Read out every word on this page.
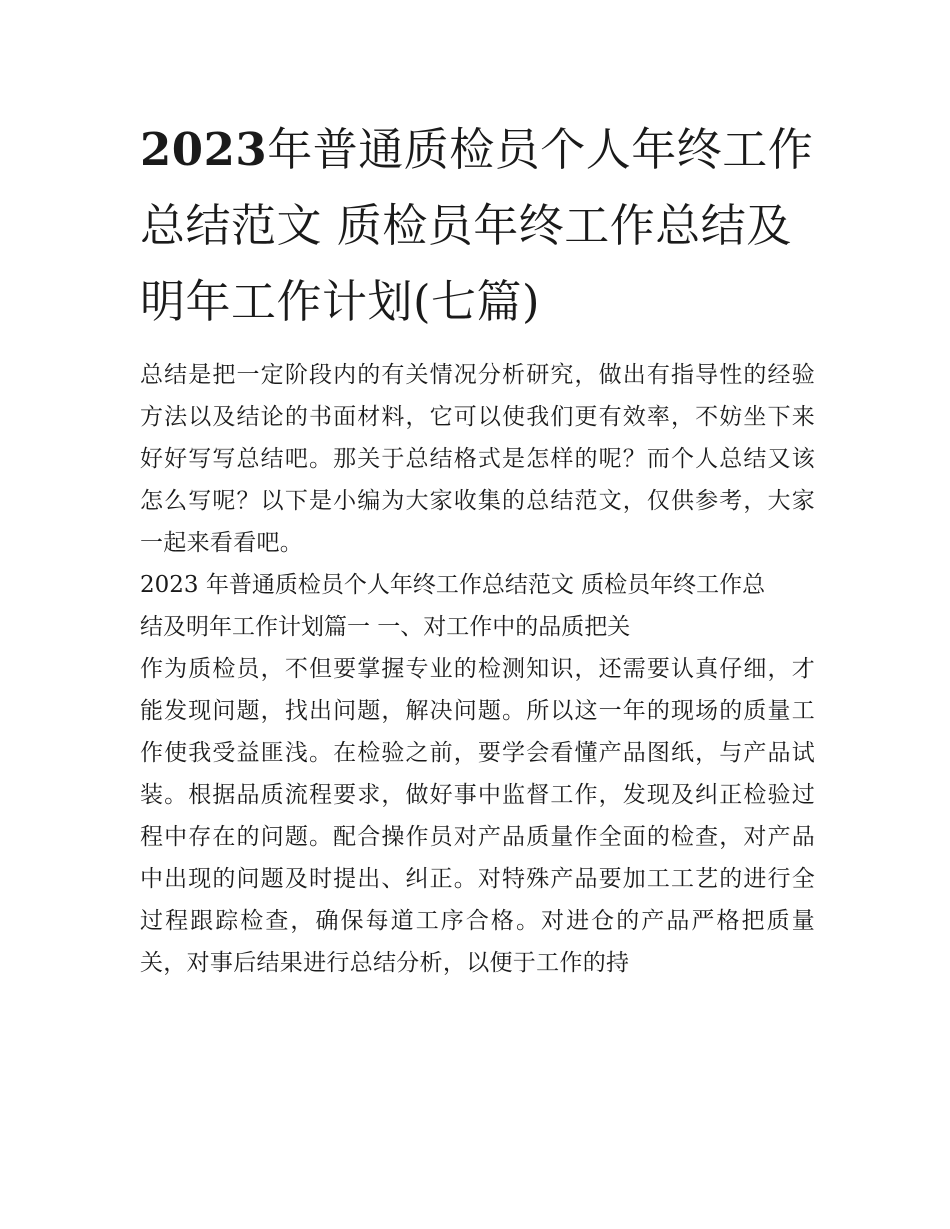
2023年普通质检员个人年终工作总结范文 质检员年终工作总结及明年工作计划(七篇)

总结是把一定阶段内的有关情况分析研究，做出有指导性的经验方法以及结论的书面材料，它可以使我们更有效率，不妨坐下来好好写写总结吧。那关于总结格式是怎样的呢？而个人总结又该怎么写呢？以下是小编为大家收集的总结范文，仅供参考，大家一起来看看吧。

2023 年普通质检员个人年终工作总结范文 质检员年终工作总

结及明年工作计划篇一 一、对工作中的品质把关

作为质检员，不但要掌握专业的检测知识，还需要认真仔细，才能发现问题，找出问题，解决问题。所以这一年的现场的质量工作使我受益匪浅。在检验之前，要学会看懂产品图纸，与产品试装。根据品质流程要求，做好事中监督工作，发现及纠正检验过程中存在的问题。配合操作员对产品质量作全面的检查，对产品中出现的问题及时提出、纠正。对特殊产品要加工工艺的进行全过程跟踪检查，确保每道工序合格。对进仓的产品严格把质量关，对事后结果进行总结分析，以便于工作的持
